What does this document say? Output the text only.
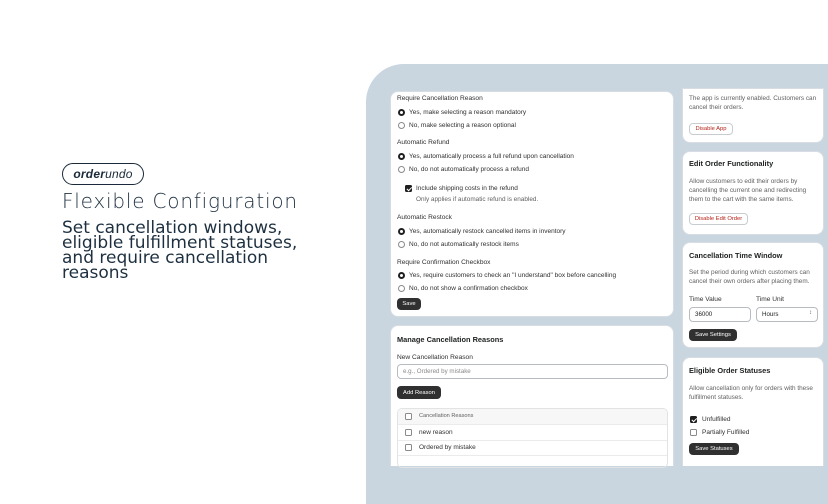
order undo
Flexible Configuration
Set cancellation windows,
eligible fulfillment statuses,
and require cancellation
reasons
Require Cancellation Reason
Yes, make selecting a reason mandatory
No, make selecting a reason optional
Automatic Refund
Yes, automatically process a full refund upon cancellation
No, do not automatically process a refund
Include shipping costs in the refund
Only applies if automatic refund is enabled.
Automatic Restock
Yes, automatically restock cancelled items in inventory
No, do not automatically restock items
Require Confirmation Checkbox
Yes, require customers to check an "I understand" box before cancelling
No, do not show a confirmation checkbox
Save
Manage Cancellation Reasons
New Cancellation Reason
e.g., Ordered by mistake
Add Reason
Cancellation Reasons
new reason
Ordered by mistake
The app is currently enabled. Customers can
cancel their orders.
Disable App
Edit Order Functionality
Allow customers to edit their orders by
cancelling the current one and redirecting
them to the cart with the same items.
Disable Edit Order
Cancellation Time Window
Set the period during which customers can
cancel their own orders after placing them.
Time Value
36000
Time Unit
Hours	↕
Save Settings
Eligible Order Statuses
Allow cancellation only for orders with these
fulfillment statuses.
Unfulfilled
Partially Fulfilled
Save Statuses
